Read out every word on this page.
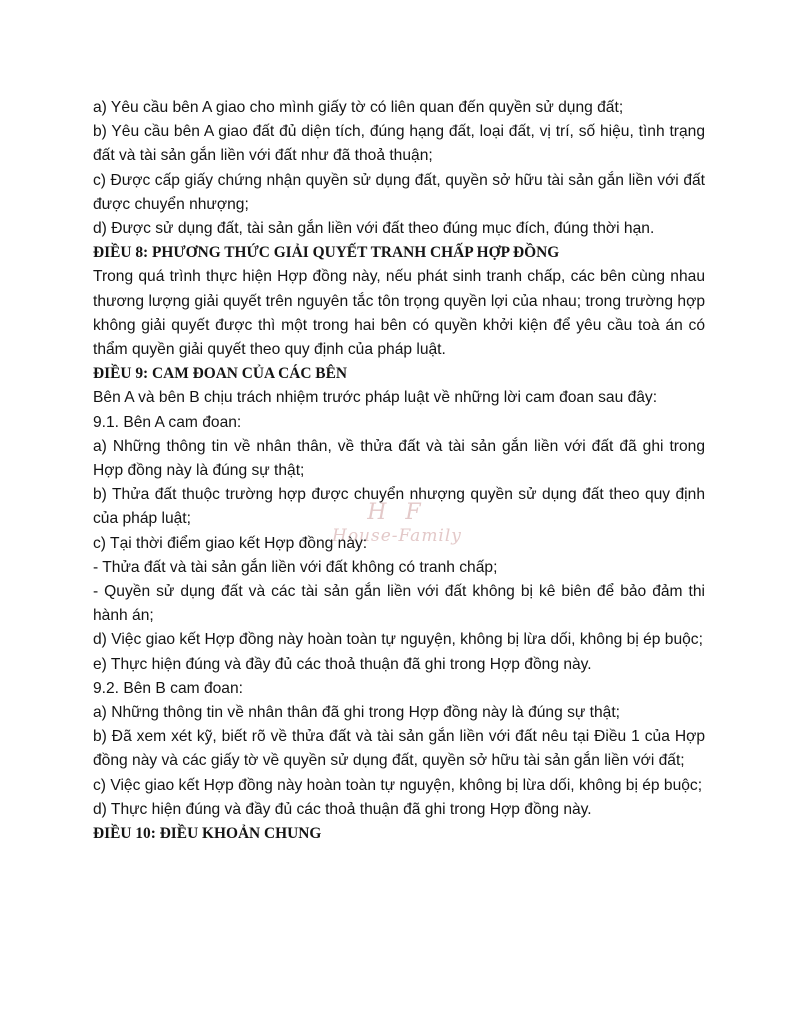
H F
House-Family

a) Yêu cầu bên A giao cho mình giấy tờ có liên quan đến quyền sử dụng đất;

b) Yêu cầu bên A giao đất đủ diện tích, đúng hạng đất, loại đất, vị trí, số hiệu, tình trạng đất và tài sản gắn liền với đất như đã thoả thuận;

c) Được cấp giấy chứng nhận quyền sử dụng đất, quyền sở hữu tài sản gắn liền với đất được chuyển nhượng;

d) Được sử dụng đất, tài sản gắn liền với đất theo đúng mục đích, đúng thời hạn.

ĐIỀU 8: PHƯƠNG THỨC GIẢI QUYẾT TRANH CHẤP HỢP ĐỒNG

Trong quá trình thực hiện Hợp đồng này, nếu phát sinh tranh chấp, các bên cùng nhau thương lượng giải quyết trên nguyên tắc tôn trọng quyền lợi của nhau; trong trường hợp không giải quyết được thì một trong hai bên có quyền khởi kiện để yêu cầu toà án có thẩm quyền giải quyết theo quy định của pháp luật.

ĐIỀU 9: CAM ĐOAN CỦA CÁC BÊN

Bên A và bên B chịu trách nhiệm trước pháp luật về những lời cam đoan sau đây:

9.1. Bên A cam đoan:

a) Những thông tin về nhân thân, về thửa đất và tài sản gắn liền với đất đã ghi trong Hợp đồng này là đúng sự thật;

b) Thửa đất thuộc trường hợp được chuyển nhượng quyền sử dụng đất theo quy định của pháp luật;

c) Tại thời điểm giao kết Hợp đồng này:

- Thửa đất và tài sản gắn liền với đất không có tranh chấp;

- Quyền sử dụng đất và các tài sản gắn liền với đất không bị kê biên để bảo đảm thi hành án;

d) Việc giao kết Hợp đồng này hoàn toàn tự nguyện, không bị lừa dối, không bị ép buộc;

e) Thực hiện đúng và đầy đủ các thoả thuận đã ghi trong Hợp đồng này.

9.2. Bên B cam đoan:

a) Những thông tin về nhân thân đã ghi trong Hợp đồng này là đúng sự thật;

b) Đã xem xét kỹ, biết rõ về thửa đất và tài sản gắn liền với đất nêu tại Điều 1 của Hợp đồng này và các giấy tờ về quyền sử dụng đất, quyền sở hữu tài sản gắn liền với đất;

c) Việc giao kết Hợp đồng này hoàn toàn tự nguyện, không bị lừa dối, không bị ép buộc;

d) Thực hiện đúng và đầy đủ các thoả thuận đã ghi trong Hợp đồng này.

ĐIỀU 10: ĐIỀU KHOẢN CHUNG
